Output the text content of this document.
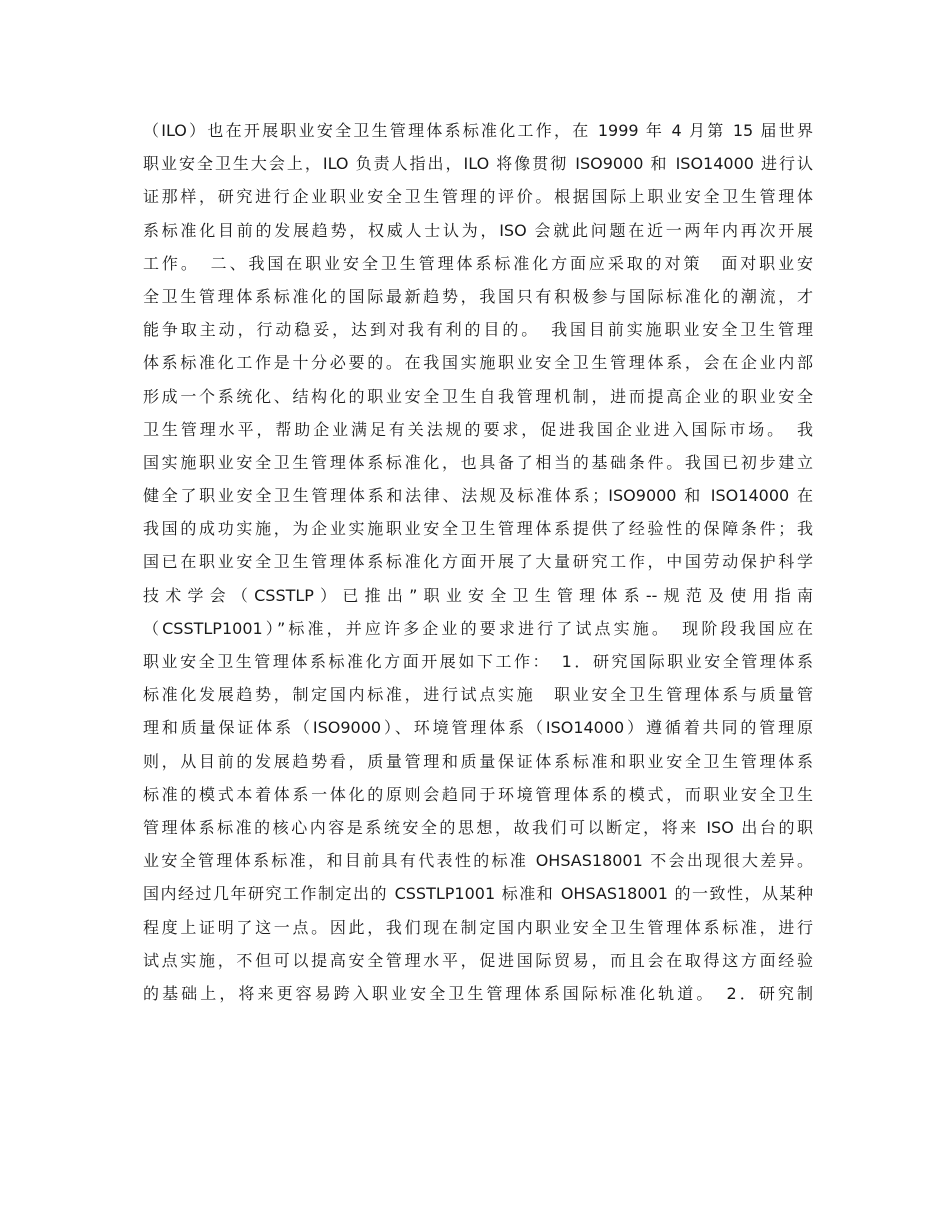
（ILO）也在开展职业安全卫生管理体系标准化工作，在 1999 年 4 月第 15 届世界
职业安全卫生大会上，ILO 负责人指出，ILO 将像贯彻 ISO9000 和 ISO14000 进行认
证那样，研究进行企业职业安全卫生管理的评价。根据国际上职业安全卫生管理体
系标准化目前的发展趋势，权威人士认为，ISO 会就此问题在近一两年内再次开展
工作。　二、我国在职业安全卫生管理体系标准化方面应采取的对策　面对职业安
全卫生管理体系标准化的国际最新趋势，我国只有积极参与国际标准化的潮流，才
能争取主动，行动稳妥，达到对我有利的目的。　我国目前实施职业安全卫生管理
体系标准化工作是十分必要的。在我国实施职业安全卫生管理体系，会在企业内部
形成一个系统化、结构化的职业安全卫生自我管理机制，进而提高企业的职业安全
卫生管理水平，帮助企业满足有关法规的要求，促进我国企业进入国际市场。　我
国实施职业安全卫生管理体系标准化，也具备了相当的基础条件。我国已初步建立
健全了职业安全卫生管理体系和法律、法规及标准体系；ISO9000 和 ISO14000 在
我国的成功实施，为企业实施职业安全卫生管理体系提供了经验性的保障条件；我
国已在职业安全卫生管理体系标准化方面开展了大量研究工作，中国劳动保护科学
技术学会（CSSTLP）已推出”职业安全卫生管理体系--规范及使用指南
（CSSTLP1001）”标准，并应许多企业的要求进行了试点实施。　现阶段我国应在
职业安全卫生管理体系标准化方面开展如下工作：　1．研究国际职业安全管理体系
标准化发展趋势，制定国内标准，进行试点实施　职业安全卫生管理体系与质量管
理和质量保证体系（ISO9000）、环境管理体系（ISO14000）遵循着共同的管理原
则，从目前的发展趋势看，质量管理和质量保证体系标准和职业安全卫生管理体系
标准的模式本着体系一体化的原则会趋同于环境管理体系的模式，而职业安全卫生
管理体系标准的核心内容是系统安全的思想，故我们可以断定，将来 ISO 出台的职
业安全管理体系标准，和目前具有代表性的标准 OHSAS18001 不会出现很大差异。
国内经过几年研究工作制定出的 CSSTLP1001 标准和 OHSAS18001 的一致性，从某种
程度上证明了这一点。因此，我们现在制定国内职业安全卫生管理体系标准，进行
试点实施，不但可以提高安全管理水平，促进国际贸易，而且会在取得这方面经验
的基础上，将来更容易跨入职业安全卫生管理体系国际标准化轨道。　2．研究制
